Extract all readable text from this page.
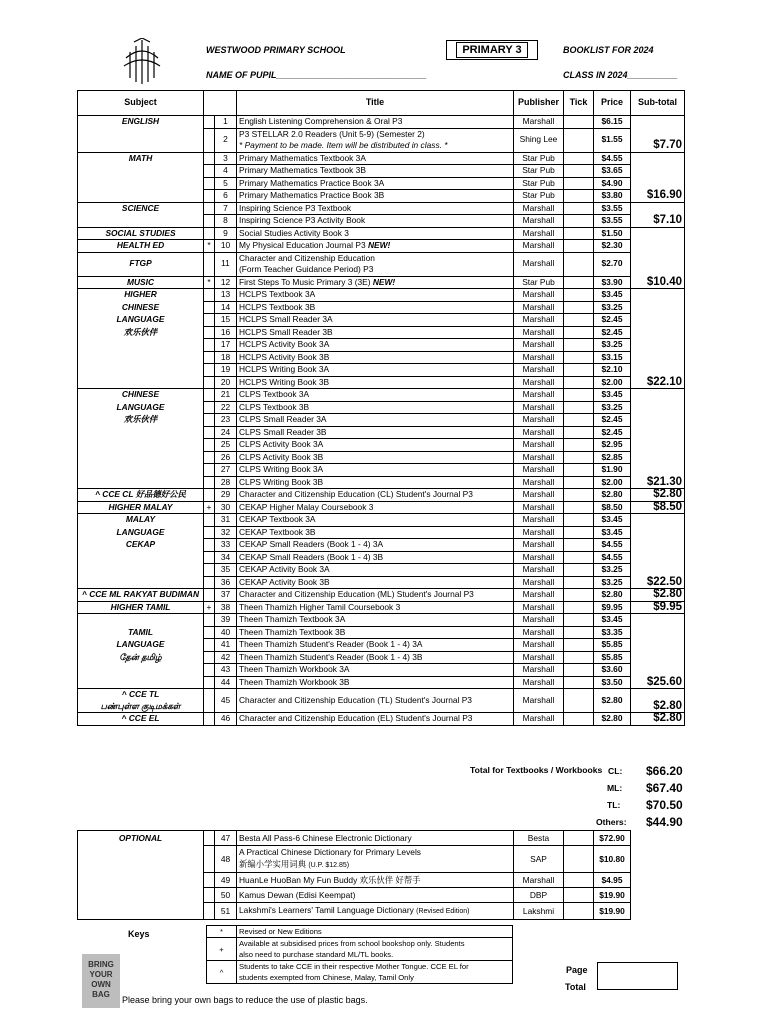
WESTWOOD PRIMARY SCHOOL	PRIMARY 3	BOOKLIST FOR 2024
NAME OF PUPIL______________________________	CLASS IN 2024__________
Subject			Title	Publisher	Tick	Price	Sub-total
ENGLISH		1	English Listening Comprehension & Oral P3	Marshall		$6.15	
		2	P3 STELLAR 2.0 Readers (Unit 5-9) (Semester 2)
* Payment to be made. Item will be distributed in class. *	Shing Lee		$1.55	$7.70
MATH		3	Primary Mathematics Textbook 3A	Star Pub		$4.55	
		4	Primary Mathematics Textbook 3B	Star Pub		$3.65	
		5	Primary Mathematics Practice Book 3A	Star Pub		$4.90	
		6	Primary Mathematics Practice Book 3B	Star Pub		$3.80	$16.90
SCIENCE		7	Inspiring Science P3 Textbook	Marshall		$3.55	
		8	Inspiring Science P3 Activity Book	Marshall		$3.55	$7.10
SOCIAL STUDIES		9	Social Studies Activity Book 3	Marshall		$1.50	
HEALTH ED	*	10	My Physical Education Journal P3 NEW!	Marshall		$2.30	
FTGP		11	Character and Citizenship Education
(Form Teacher Guidance Period) P3	Marshall		$2.70	
MUSIC	*	12	First Steps To Music Primary 3 (3E) NEW!	Star Pub		$3.90	$10.40
HIGHER		13	HCLPS Textbook 3A	Marshall		$3.45	
CHINESE		14	HCLPS Textbook 3B	Marshall		$3.25	
LANGUAGE		15	HCLPS Small Reader 3A	Marshall		$2.45	
欢乐伙伴		16	HCLPS Small Reader 3B	Marshall		$2.45	
		17	HCLPS Activity Book 3A	Marshall		$3.25	
		18	HCLPS Activity Book 3B	Marshall		$3.15	
		19	HCLPS Writing Book 3A	Marshall		$2.10	
		20	HCLPS Writing Book 3B	Marshall		$2.00	$22.10
CHINESE		21	CLPS Textbook 3A	Marshall		$3.45	
LANGUAGE		22	CLPS Textbook 3B	Marshall		$3.25	
欢乐伙伴		23	CLPS Small Reader 3A	Marshall		$2.45	
		24	CLPS Small Reader 3B	Marshall		$2.45	
		25	CLPS Activity Book 3A	Marshall		$2.95	
		26	CLPS Activity Book 3B	Marshall		$2.85	
		27	CLPS Writing Book 3A	Marshall		$1.90	
		28	CLPS Writing Book 3B	Marshall		$2.00	$21.30
^ CCE CL 好品德好公民		29	Character and Citizenship Education (CL) Student's Journal P3	Marshall		$2.80	$2.80
HIGHER MALAY	+	30	CEKAP Higher Malay Coursebook 3	Marshall		$8.50	$8.50
MALAY		31	CEKAP Textbook 3A	Marshall		$3.45	
LANGUAGE		32	CEKAP Textbook 3B	Marshall		$3.45	
CEKAP		33	CEKAP Small Readers (Book 1 - 4) 3A	Marshall		$4.55	
		34	CEKAP Small Readers (Book 1 - 4) 3B	Marshall		$4.55	
		35	CEKAP Activity Book 3A	Marshall		$3.25	
		36	CEKAP Activity Book 3B	Marshall		$3.25	$22.50
^ CCE ML RAKYAT BUDIMAN		37	Character and Citizenship Education (ML) Student's Journal P3	Marshall		$2.80	$2.80
HIGHER TAMIL	+	38	Theen Thamizh Higher Tamil Coursebook 3	Marshall		$9.95	$9.95
		39	Theen Thamizh Textbook 3A	Marshall		$3.45	
TAMIL		40	Theen Thamizh Textbook 3B	Marshall		$3.35	
LANGUAGE		41	Theen Thamizh Student's Reader (Book 1 - 4) 3A	Marshall		$5.85	
தேன் தமிழ்		42	Theen Thamizh Student's Reader (Book 1 - 4) 3B	Marshall		$5.85	
		43	Theen Thamizh Workbook 3A	Marshall		$3.60	
		44	Theen Thamizh Workbook 3B	Marshall		$3.50	$25.60
^ CCE TL
பண்புள்ள குடிமக்கள்		45	Character and Citizenship Education (TL) Student's Journal P3	Marshall		$2.80	$2.80
^ CCE EL		46	Character and Citizenship Education (EL) Student's Journal P3	Marshall		$2.80	$2.80
Total for Textbooks / Workbooks CL: $66.20
ML: $67.40
TL: $70.50
Others: $44.90
OPTIONAL		47	Besta All Pass-6 Chinese Electronic Dictionary	Besta		$72.90
		48	A Practical Chinese Dictionary for Primary Levels
新编小学实用词典 (U.P. $12.85)	SAP		$10.80
		49	HuanLe HuoBan My Fun Buddy 欢乐伙伴 好帮手	Marshall		$4.95
		50	Kamus Dewan (Edisi Keempat)	DBP		$19.90
		51	Lakshmi's Learners' Tamil Language Dictionary (Revised Edition)	Lakshmi		$19.90
Keys	*	Revised or New Editions
+	Available at subsidised prices from school bookshop only. Students
	also need to purchase standard ML/TL books.
^	Students to take CCE in their respective Mother Tongue. CCE EL for
	students exempted from Chinese, Malay, Tamil Only
Page
Total
BRING
YOUR
OWN
BAG
Please bring your own bags to reduce the use of plastic bags.
